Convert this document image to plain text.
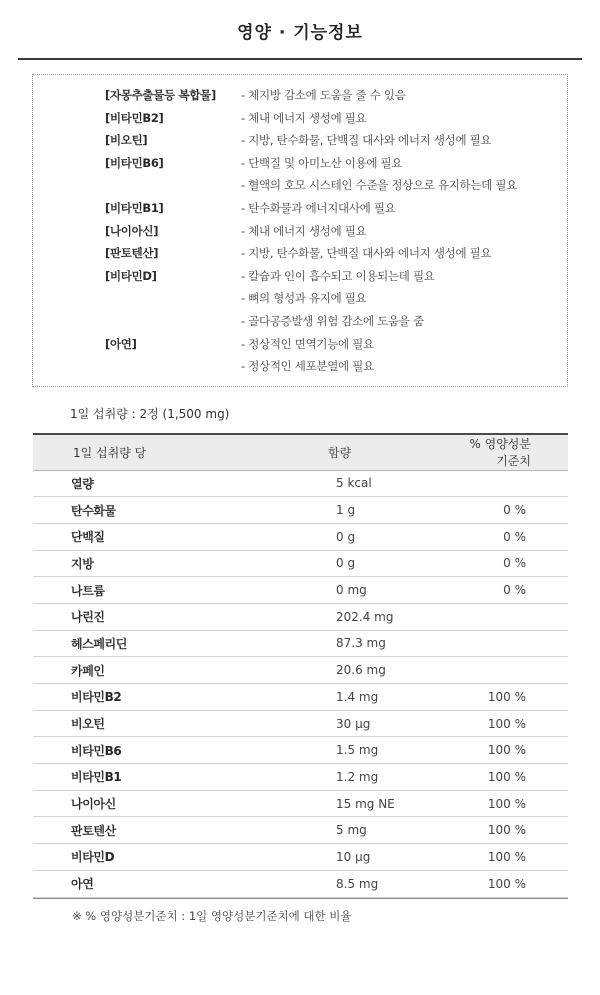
영양 · 기능정보
[자몽추출물등 복합물] - 체지방 감소에 도움을 줄 수 있음
[비타민B2]	- 체내 에너지 생성에 필요
[비오틴]	- 지방, 탄수화물, 단백질 대사와 에너지 생성에 필요
[비타민B6]	- 단백질 및 아미노산 이용에 필요
- 혈액의 호모 시스테인 수준을 정상으로 유지하는데 필요
[비타민B1]	- 탄수화물과 에너지대사에 필요
[나이아신]	- 체내 에너지 생성에 필요
[판토텐산]	- 지방, 탄수화물, 단백질 대사와 에너지 생성에 필요
[비타민D]	- 칼슘과 인이 흡수되고 이용되는데 필요
- 뼈의 형성과 유지에 필요
- 골다공증발생 위험 감소에 도움을 줌
[아연]	- 정상적인 면역기능에 필요
- 정상적인 세포분열에 필요
1일 섭취량 : 2정 (1,500 mg)
1일 섭취량 당	함량	% 영양성분기준치
열량	5 kcal	
탄수화물	1 g	0 %
단백질	0 g	0 %
지방	0 g	0 %
나트륨	0 mg	0 %
나린진	202.4 mg	
헤스페리딘	87.3 mg	
카페인	20.6 mg	
비타민B2	1.4 mg	100 %
비오틴	30 μg	100 %
비타민B6	1.5 mg	100 %
비타민B1	1.2 mg	100 %
나이아신	15 mg NE	100 %
판토텐산	5 mg	100 %
비타민D	10 μg	100 %
아연	8.5 mg	100 %
※ % 영양성분기준치 : 1일 영양성분기준치에 대한 비율
